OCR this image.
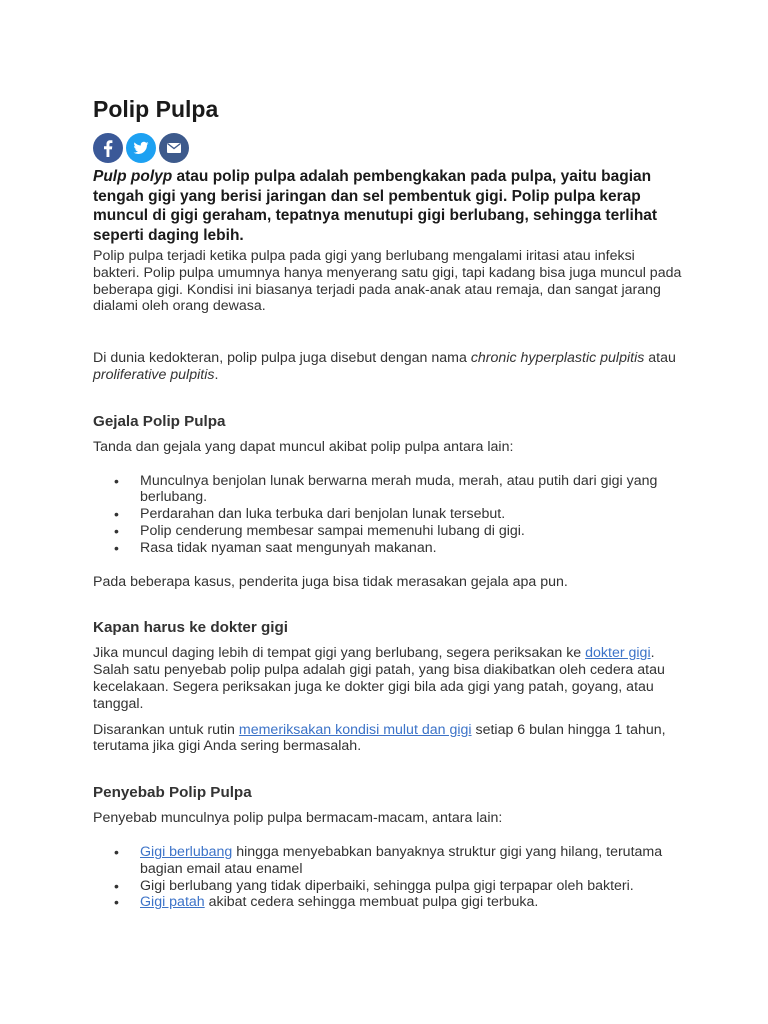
Polip Pulpa

Pulp polyp atau polip pulpa adalah pembengkakan pada pulpa, yaitu bagian tengah gigi yang berisi jaringan dan sel pembentuk gigi. Polip pulpa kerap muncul di gigi geraham, tepatnya menutupi gigi berlubang, sehingga terlihat seperti daging lebih.

Polip pulpa terjadi ketika pulpa pada gigi yang berlubang mengalami iritasi atau infeksi bakteri. Polip pulpa umumnya hanya menyerang satu gigi, tapi kadang bisa juga muncul pada beberapa gigi. Kondisi ini biasanya terjadi pada anak-anak atau remaja, dan sangat jarang dialami oleh orang dewasa.

Di dunia kedokteran, polip pulpa juga disebut dengan nama chronic hyperplastic pulpitis atau proliferative pulpitis.

Gejala Polip Pulpa

Tanda dan gejala yang dapat muncul akibat polip pulpa antara lain:

• Munculnya benjolan lunak berwarna merah muda, merah, atau putih dari gigi yang berlubang.
• Perdarahan dan luka terbuka dari benjolan lunak tersebut.
• Polip cenderung membesar sampai memenuhi lubang di gigi.
• Rasa tidak nyaman saat mengunyah makanan.

Pada beberapa kasus, penderita juga bisa tidak merasakan gejala apa pun.

Kapan harus ke dokter gigi

Jika muncul daging lebih di tempat gigi yang berlubang, segera periksakan ke dokter gigi. Salah satu penyebab polip pulpa adalah gigi patah, yang bisa diakibatkan oleh cedera atau kecelakaan. Segera periksakan juga ke dokter gigi bila ada gigi yang patah, goyang, atau tanggal.

Disarankan untuk rutin memeriksakan kondisi mulut dan gigi setiap 6 bulan hingga 1 tahun, terutama jika gigi Anda sering bermasalah.

Penyebab Polip Pulpa

Penyebab munculnya polip pulpa bermacam-macam, antara lain:

• Gigi berlubang hingga menyebabkan banyaknya struktur gigi yang hilang, terutama bagian email atau enamel
• Gigi berlubang yang tidak diperbaiki, sehingga pulpa gigi terpapar oleh bakteri.
• Gigi patah akibat cedera sehingga membuat pulpa gigi terbuka.
